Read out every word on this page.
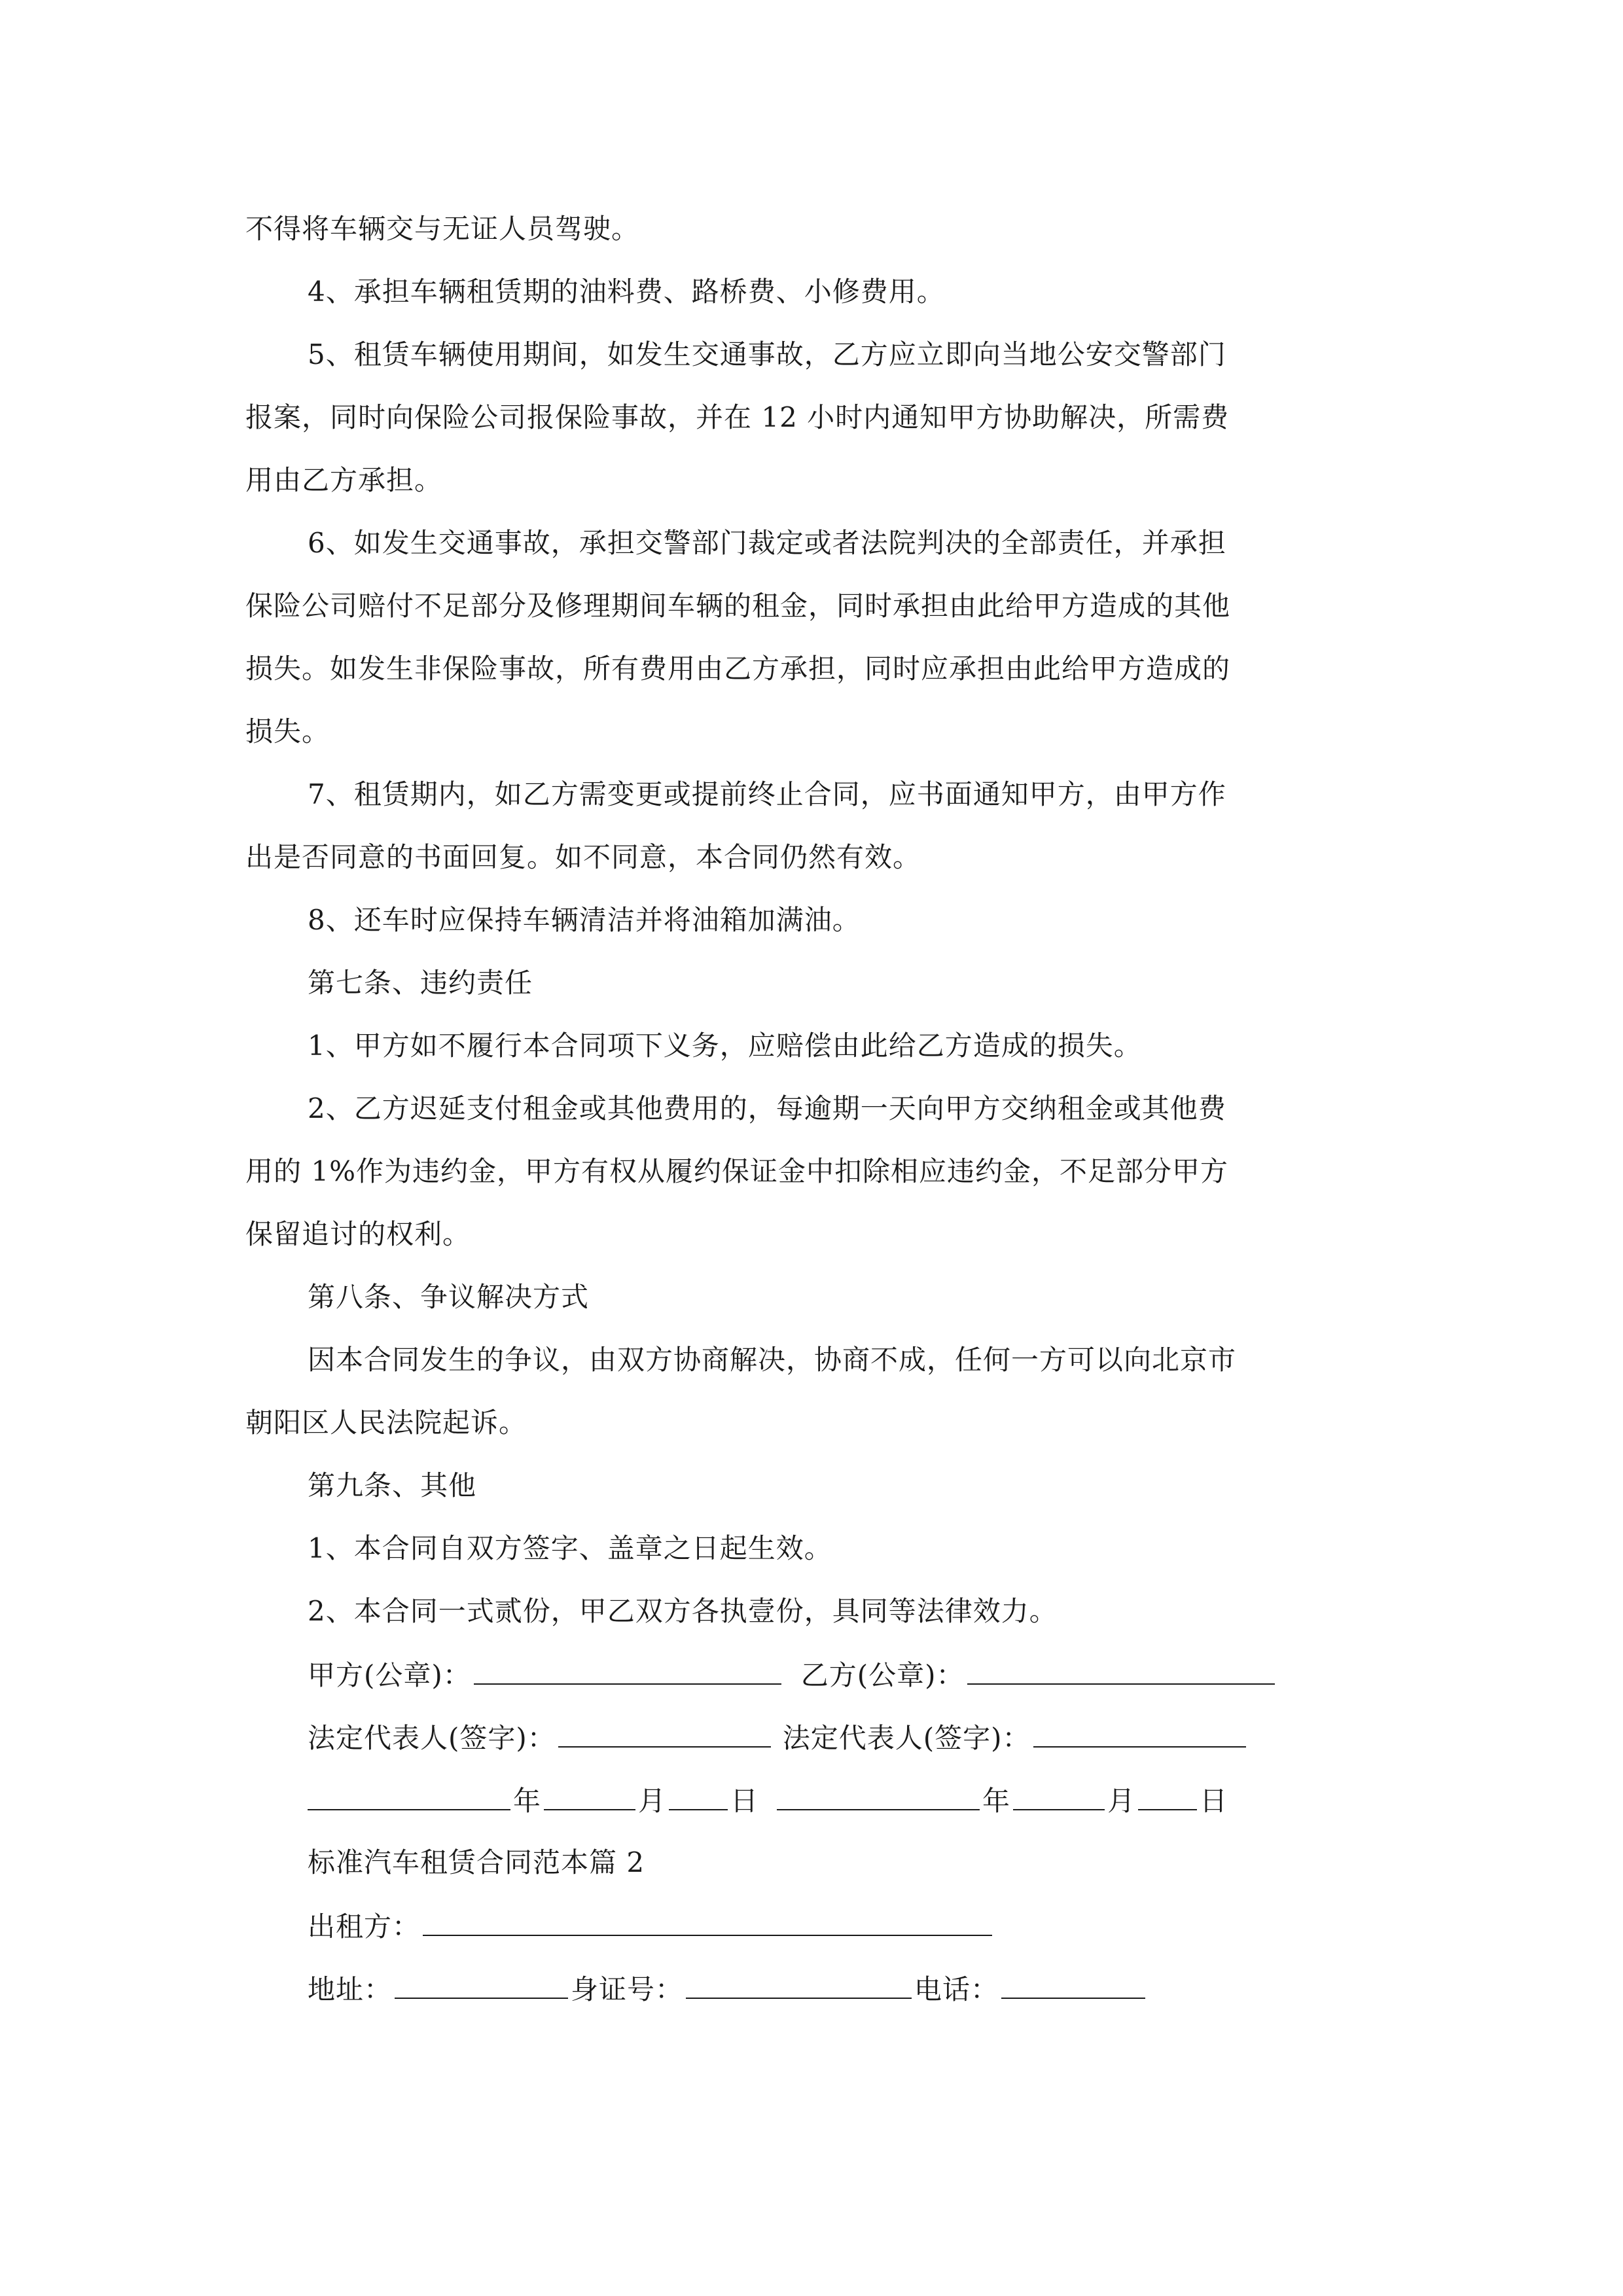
不得将车辆交与无证人员驾驶。
4、承担车辆租赁期的油料费、路桥费、小修费用。
5、租赁车辆使用期间，如发生交通事故，乙方应立即向当地公安交警部门
报案，同时向保险公司报保险事故，并在 12 小时内通知甲方协助解决，所需费
用由乙方承担。
6、如发生交通事故，承担交警部门裁定或者法院判决的全部责任，并承担
保险公司赔付不足部分及修理期间车辆的租金，同时承担由此给甲方造成的其他
损失。如发生非保险事故，所有费用由乙方承担，同时应承担由此给甲方造成的
损失。
7、租赁期内，如乙方需变更或提前终止合同，应书面通知甲方，由甲方作
出是否同意的书面回复。如不同意，本合同仍然有效。
8、还车时应保持车辆清洁并将油箱加满油。
第七条、违约责任
1、甲方如不履行本合同项下义务，应赔偿由此给乙方造成的损失。
2、乙方迟延支付租金或其他费用的，每逾期一天向甲方交纳租金或其他费
用的 1%作为违约金，甲方有权从履约保证金中扣除相应违约金，不足部分甲方
保留追讨的权利。
第八条、争议解决方式
因本合同发生的争议，由双方协商解决，协商不成，任何一方可以向北京市
朝阳区人民法院起诉。
第九条、其他
1、本合同自双方签字、盖章之日起生效。
2、本合同一式贰份，甲乙双方各执壹份，具同等法律效力。
甲方(公章)：	乙方(公章)：
法定代表人(签字)：	法定代表人(签字)：
年	月 日	年	月 日
标准汽车租赁合同范本篇 2
出租方：
地址：	身证号：	电话：
